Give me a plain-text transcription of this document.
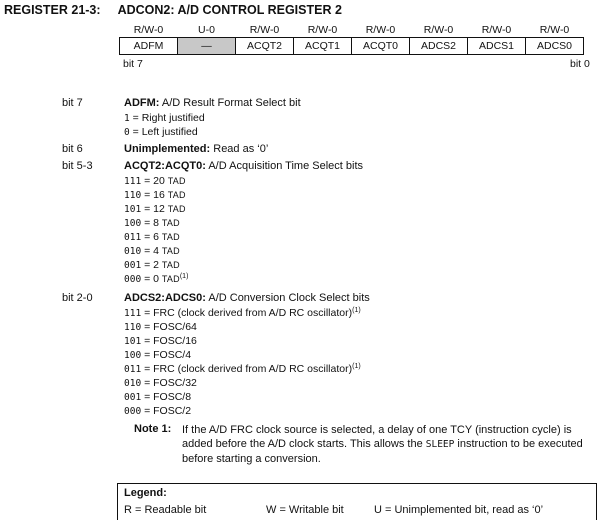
REGISTER 21-3: ADCON2: A/D CONTROL REGISTER 2
R/W-0	U-0	R/W-0	R/W-0	R/W-0	R/W-0	R/W-0	R/W-0
ADFM	—	ACQT2	ACQT1	ACQT0	ADCS2	ADCS1	ADCS0
bit 7	bit 0
bit 7	ADFM: A/D Result Format Select bit
1 = Right justified
0 = Left justified
bit 6	Unimplemented: Read as ‘0’
bit 5-3	ACQT2:ACQT0: A/D Acquisition Time Select bits
111 = 20 TAD
110 = 16 TAD
101 = 12 TAD
100 = 8 TAD
011 = 6 TAD
010 = 4 TAD
001 = 2 TAD
000 = 0 TAD$^{(1)}$
bit 2-0	ADCS2:ADCS0: A/D Conversion Clock Select bits
111 = FRC (clock derived from A/D RC oscillator)$^{(1)}$
110 = FOSC/64
101 = FOSC/16
100 = FOSC/4
011 = FRC (clock derived from A/D RC oscillator)$^{(1)}$
010 = FOSC/32
001 = FOSC/8
000 = FOSC/2
Note 1: If the A/D FRC clock source is selected, a delay of one TCY (instruction cycle) is added before the A/D clock starts. This allows the SLEEP instruction to be executed before starting a conversion.
Legend:
R = Readable bit	W = Writable bit	U = Unimplemented bit, read as ‘0’
